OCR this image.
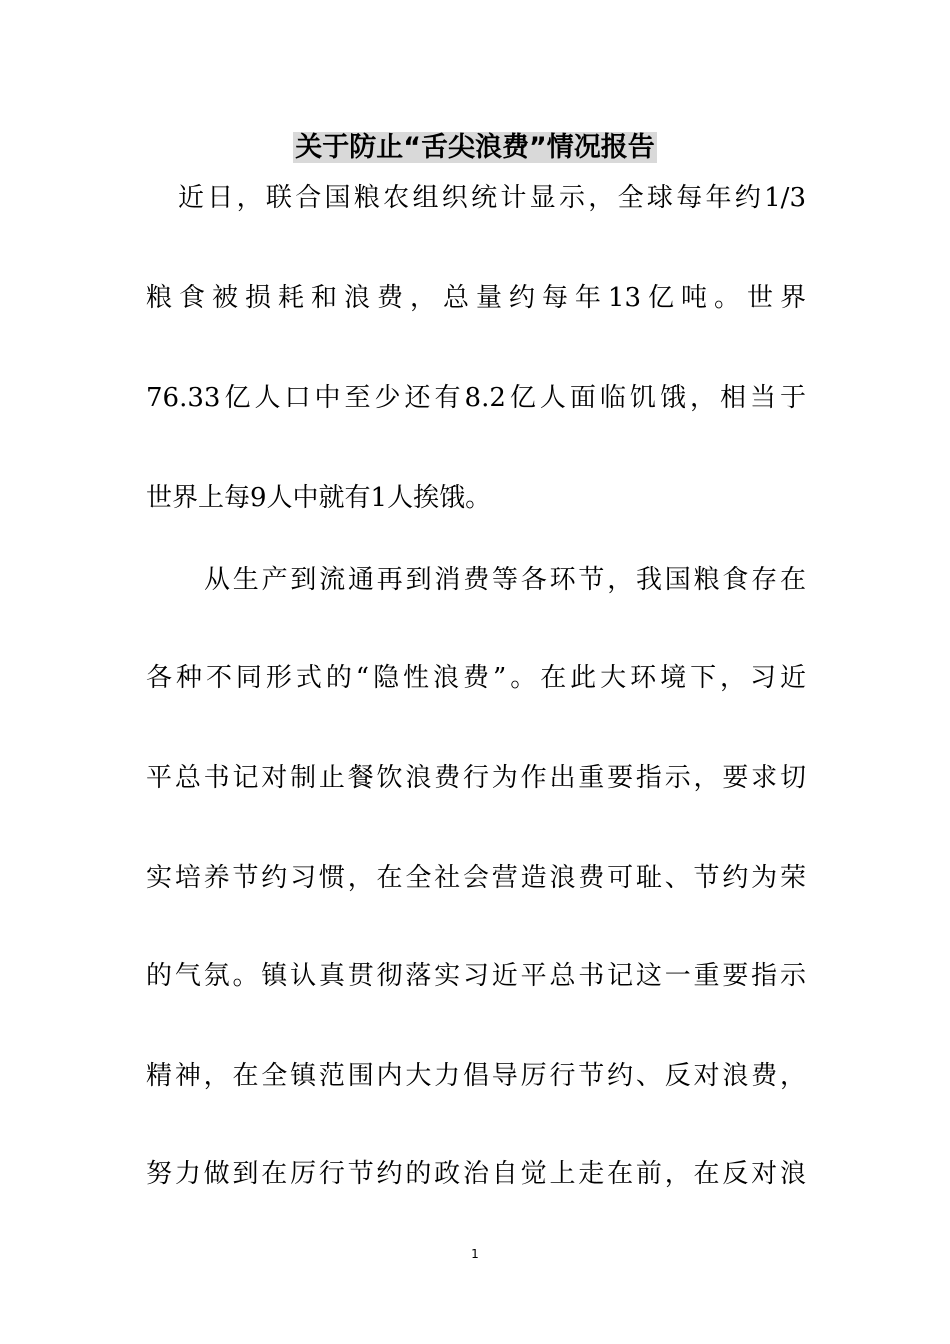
关于防止“舌尖浪费”情况报告
近日，联合国粮农组织统计显示，全球每年约1/3
粮食被损耗和浪费，总量约每年13亿吨。世界
76.33亿人口中至少还有8.2亿人面临饥饿，相当于
世界上每9人中就有1人挨饿。
从生产到流通再到消费等各环节，我国粮食存在
各种不同形式的“隐性浪费”。在此大环境下，习近
平总书记对制止餐饮浪费行为作出重要指示，要求切
实培养节约习惯，在全社会营造浪费可耻、节约为荣
的气氛。镇认真贯彻落实习近平总书记这一重要指示
精神，在全镇范围内大力倡导厉行节约、反对浪费，
努力做到在厉行节约的政治自觉上走在前，在反对浪
1
